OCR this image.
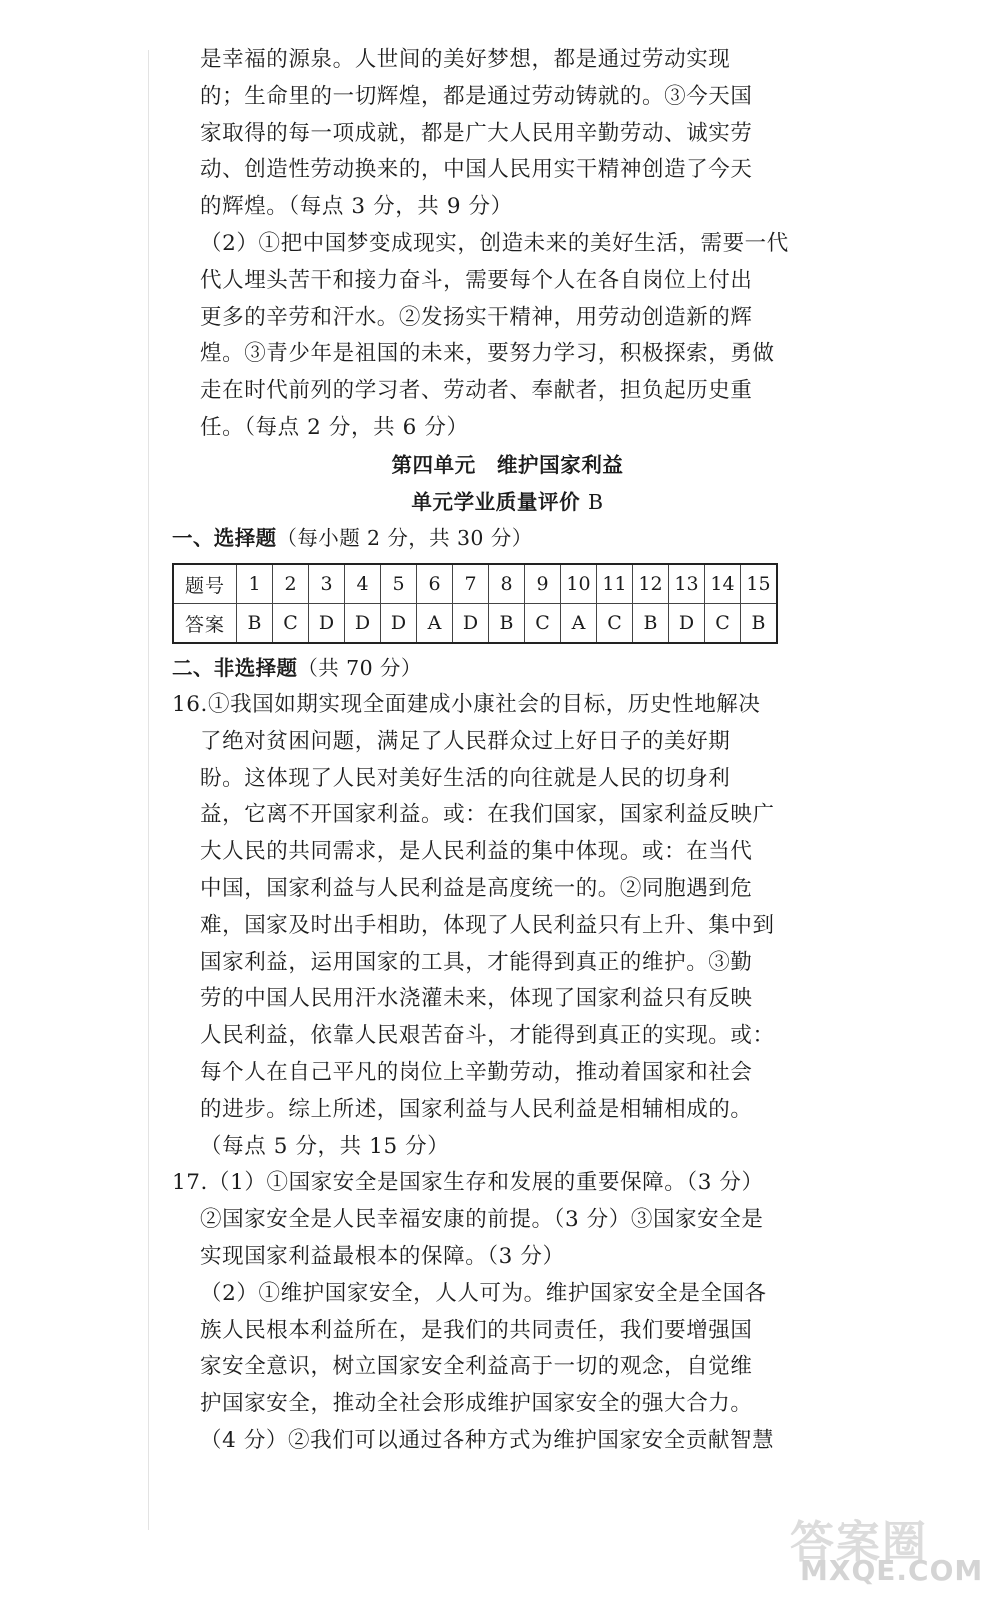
是幸福的源泉。人世间的美好梦想，都是通过劳动实现
的；生命里的一切辉煌，都是通过劳动铸就的。③今天国
家取得的每一项成就，都是广大人民用辛勤劳动、诚实劳
动、创造性劳动换来的，中国人民用实干精神创造了今天
的辉煌。（每点 3 分，共 9 分）
（2）①把中国梦变成现实，创造未来的美好生活，需要一代
代人埋头苦干和接力奋斗，需要每个人在各自岗位上付出
更多的辛劳和汗水。②发扬实干精神，用劳动创造新的辉
煌。③青少年是祖国的未来，要努力学习，积极探索，勇做
走在时代前列的学习者、劳动者、奉献者，担负起历史重
任。（每点 2 分，共 6 分）
第四单元　维护国家利益
单元学业质量评价 B
一、选择题（每小题 2 分，共 30 分）
题号	1	2	3	4	5	6	7	8	9	10	11	12	13	14	15
答案	B	C	D	D	D	A	D	B	C	A	C	B	D	C	B
二、非选择题（共 70 分）
16.①我国如期实现全面建成小康社会的目标，历史性地解决
了绝对贫困问题，满足了人民群众过上好日子的美好期
盼。这体现了人民对美好生活的向往就是人民的切身利
益，它离不开国家利益。或：在我们国家，国家利益反映广
大人民的共同需求，是人民利益的集中体现。或：在当代
中国，国家利益与人民利益是高度统一的。②同胞遇到危
难，国家及时出手相助，体现了人民利益只有上升、集中到
国家利益，运用国家的工具，才能得到真正的维护。③勤
劳的中国人民用汗水浇灌未来，体现了国家利益只有反映
人民利益，依靠人民艰苦奋斗，才能得到真正的实现。或：
每个人在自己平凡的岗位上辛勤劳动，推动着国家和社会
的进步。综上所述，国家利益与人民利益是相辅相成的。
（每点 5 分，共 15 分）
17.（1）①国家安全是国家生存和发展的重要保障。（3 分）
②国家安全是人民幸福安康的前提。（3 分）③国家安全是
实现国家利益最根本的保障。（3 分）
（2）①维护国家安全，人人可为。维护国家安全是全国各
族人民根本利益所在，是我们的共同责任，我们要增强国
家安全意识，树立国家安全利益高于一切的观念，自觉维
护国家安全，推动全社会形成维护国家安全的强大合力。
（4 分）②我们可以通过各种方式为维护国家安全贡献智慧
答案圈
MXQE.COM
